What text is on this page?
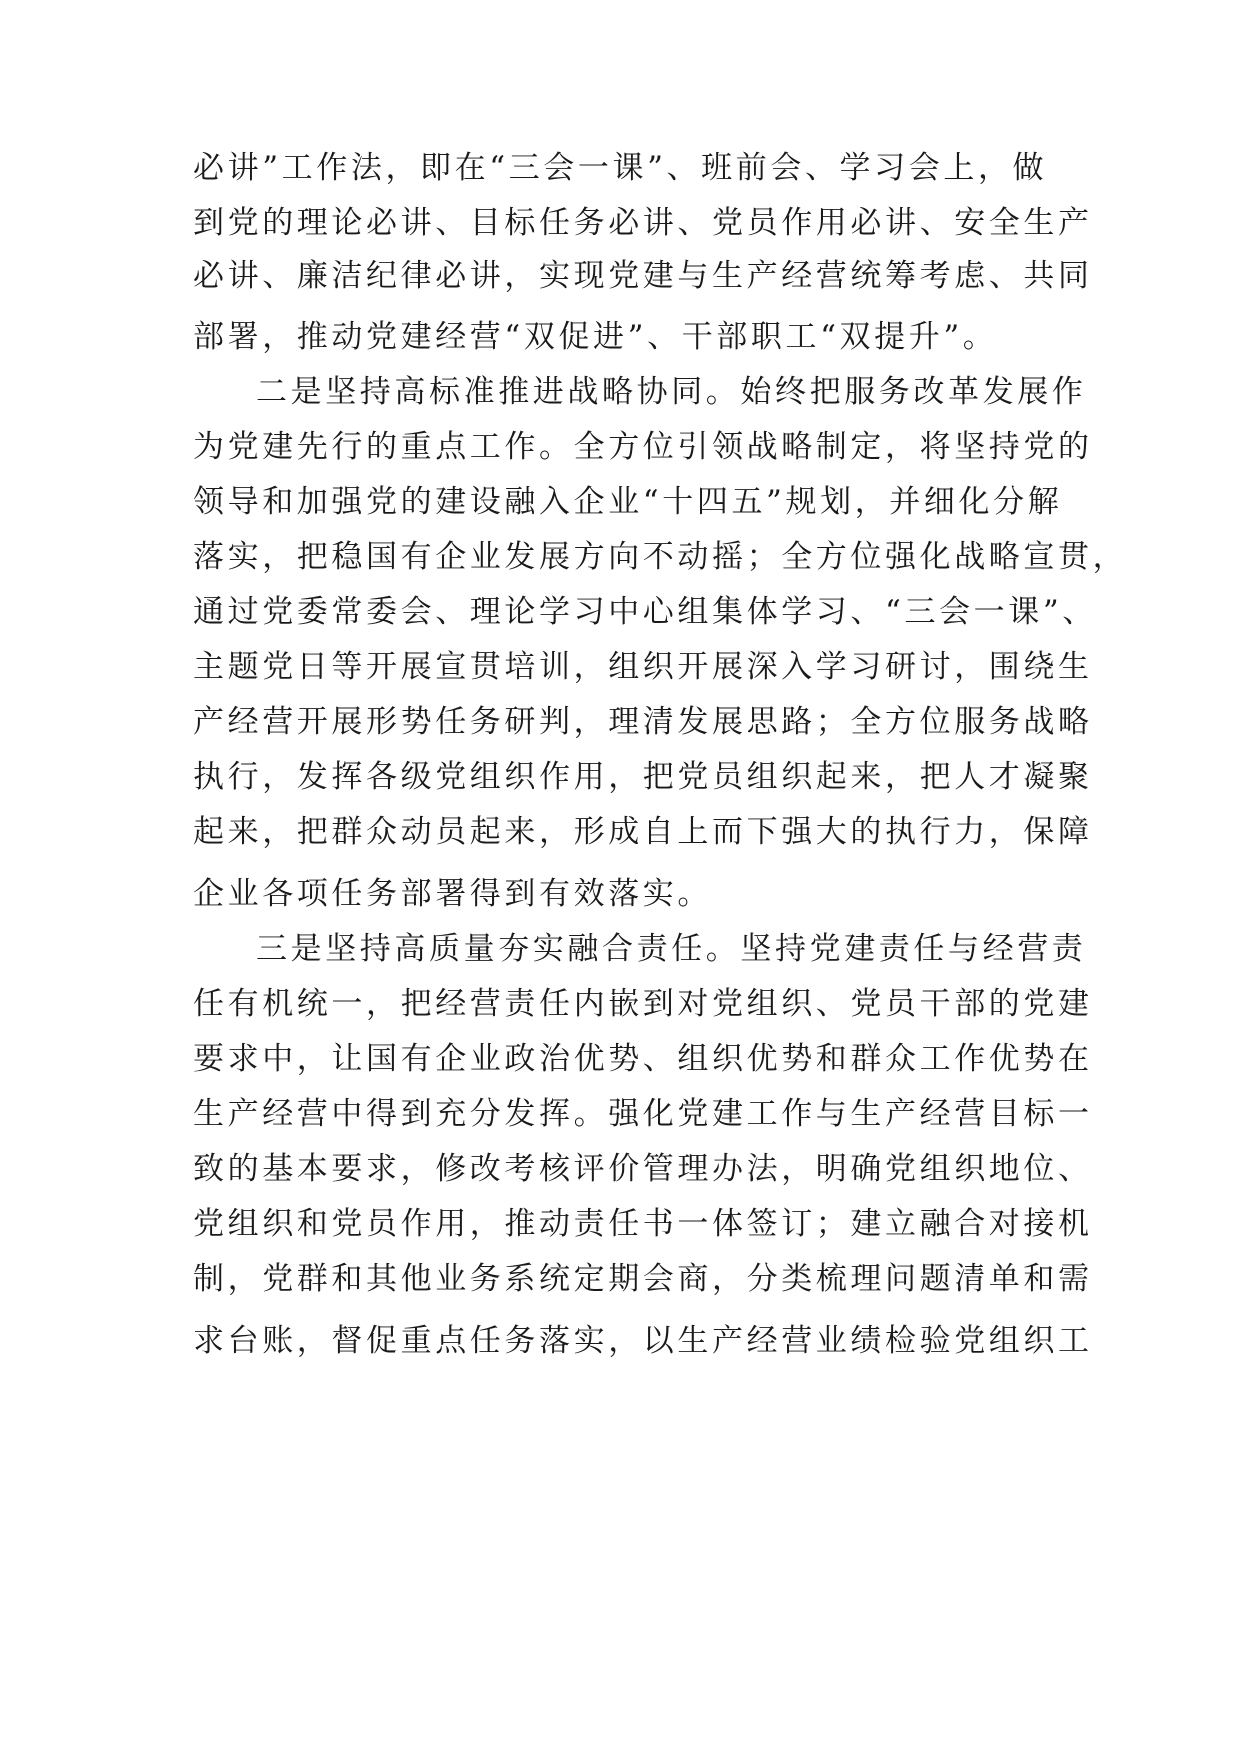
必讲”工作法，即在“三会一课”、班前会、学习会上，做
到党的理论必讲、目标任务必讲、党员作用必讲、安全生产
必讲、廉洁纪律必讲，实现党建与生产经营统筹考虑、共同
部署，推动党建经营“双促进”、干部职工“双提升”。
二是坚持高标准推进战略协同。始终把服务改革发展作
为党建先行的重点工作。全方位引领战略制定，将坚持党的
领导和加强党的建设融入企业“十四五”规划，并细化分解
落实，把稳国有企业发展方向不动摇；全方位强化战略宣贯，
通过党委常委会、理论学习中心组集体学习、“三会一课”、
主题党日等开展宣贯培训，组织开展深入学习研讨，围绕生
产经营开展形势任务研判，理清发展思路；全方位服务战略
执行，发挥各级党组织作用，把党员组织起来，把人才凝聚
起来，把群众动员起来，形成自上而下强大的执行力，保障
企业各项任务部署得到有效落实。
三是坚持高质量夯实融合责任。坚持党建责任与经营责
任有机统一，把经营责任内嵌到对党组织、党员干部的党建
要求中，让国有企业政治优势、组织优势和群众工作优势在
生产经营中得到充分发挥。强化党建工作与生产经营目标一
致的基本要求，修改考核评价管理办法，明确党组织地位、
党组织和党员作用，推动责任书一体签订；建立融合对接机
制，党群和其他业务系统定期会商，分类梳理问题清单和需
求台账，督促重点任务落实，以生产经营业绩检验党组织工
